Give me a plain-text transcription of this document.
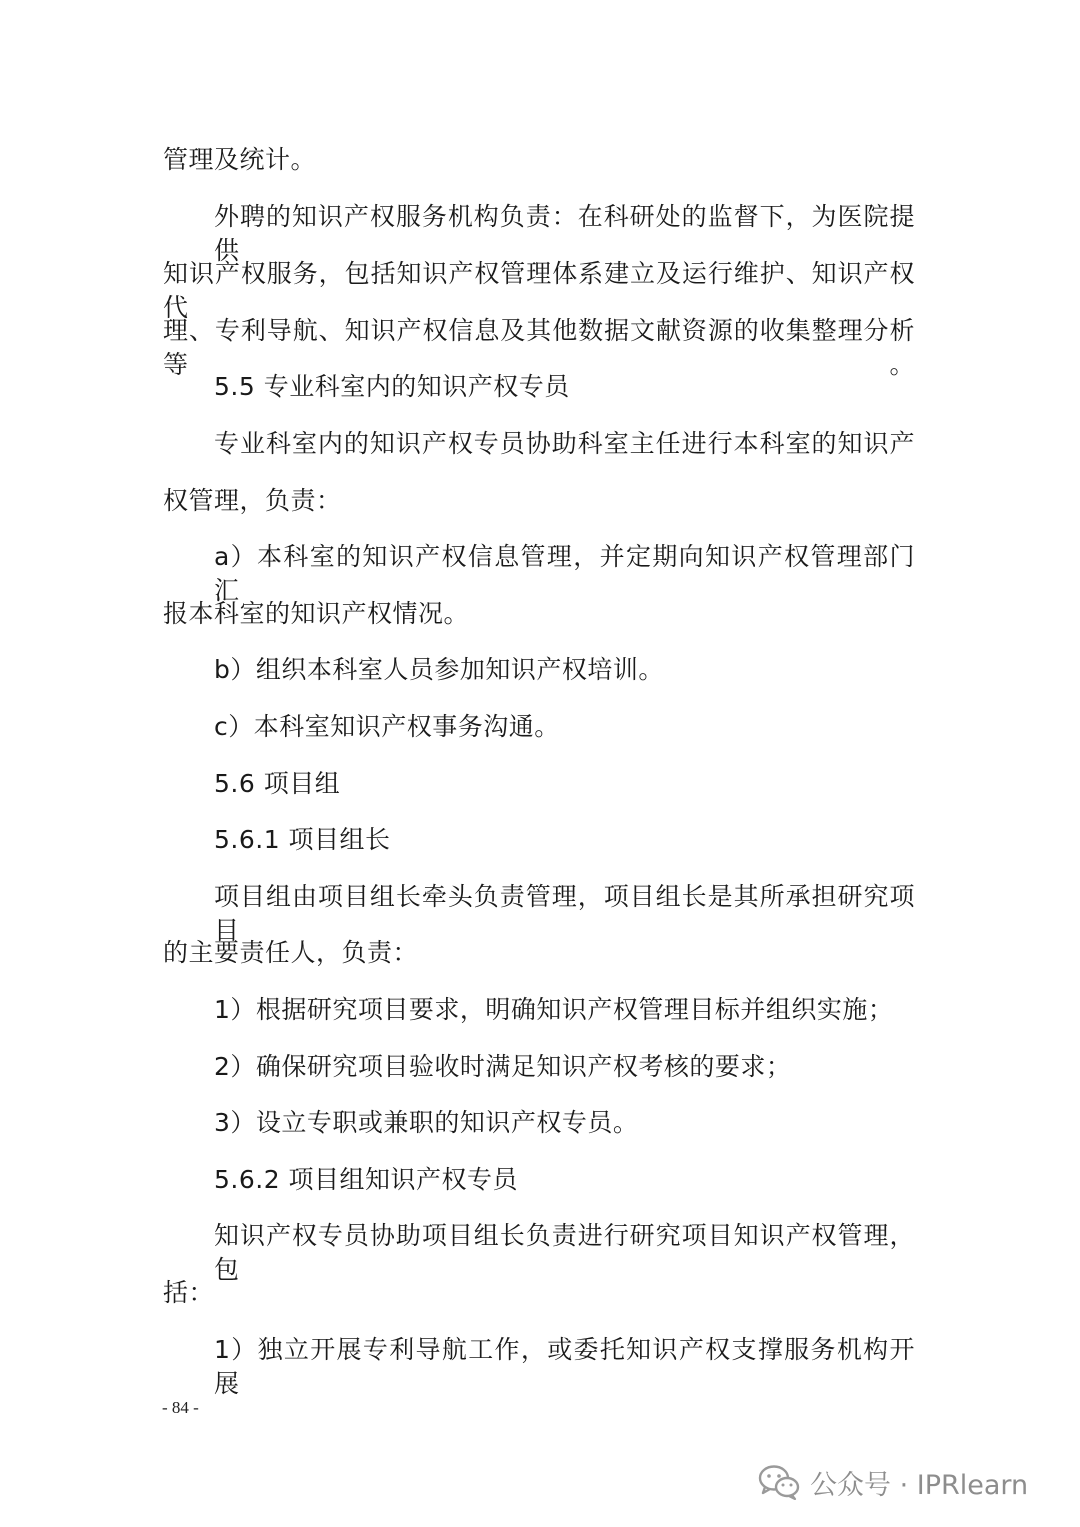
管理及统计。
外聘的知识产权服务机构负责：在科研处的监督下，为医院提供
知识产权服务，包括知识产权管理体系建立及运行维护、知识产权代
理、专利导航、知识产权信息及其他数据文献资源的收集整理分析等。
5.5 专业科室内的知识产权专员
专业科室内的知识产权专员协助科室主任进行本科室的知识产
权管理，负责：
a）本科室的知识产权信息管理，并定期向知识产权管理部门汇
报本科室的知识产权情况。
b）组织本科室人员参加知识产权培训。
c）本科室知识产权事务沟通。
5.6 项目组
5.6.1 项目组长
项目组由项目组长牵头负责管理，项目组长是其所承担研究项目
的主要责任人，负责：
1）根据研究项目要求，明确知识产权管理目标并组织实施；
2）确保研究项目验收时满足知识产权考核的要求；
3）设立专职或兼职的知识产权专员。
5.6.2 项目组知识产权专员
知识产权专员协助项目组长负责进行研究项目知识产权管理，包
括：
1）独立开展专利导航工作，或委托知识产权支撑服务机构开展
- 84 -
公众号 · IPRlearn
